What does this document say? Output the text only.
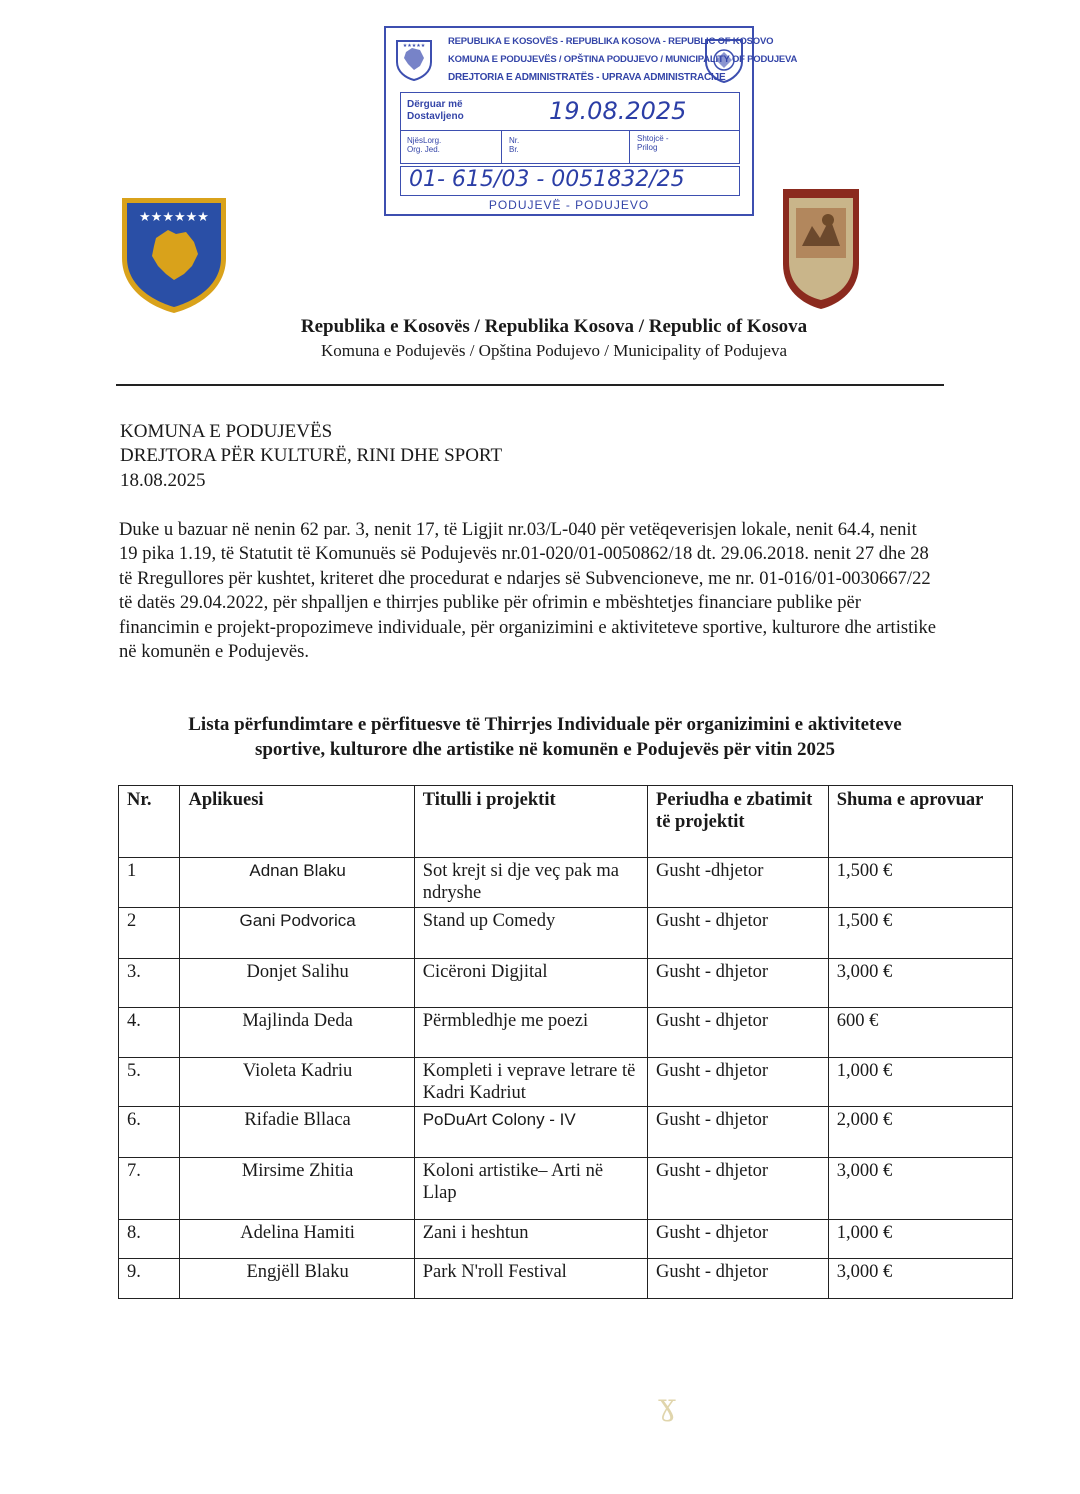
★★★★★ REPUBLIKA E KOSOVËS - REPUBLIKA KOSOVA - REPUBLIC OF KOSOVO
KOMUNA E PODUJEVËS / OPŠTINA PODUJEVO / MUNICIPALITY OF PODUJEVA
DREJTORIA E ADMINISTRATËS - UPRAVA ADMINISTRACIJE
Dërguar më
Dostavljeno	19.08.2025
NjësLorg.
Org. Jed.
Nr.
Br.
Shtojcë -
Prilog
01- 615/03 - 0051832/25
PODUJEVË - PODUJEVO
★★★★★★
Republika e Kosovës / Republika Kosova / Republic of Kosova
Komuna e Podujevës / Opština Podujevo / Municipality of Podujeva
KOMUNA E PODUJEVËS
DREJTORA PËR KULTURË, RINI DHE SPORT
18.08.2025
Duke u bazuar në nenin 62 par. 3, nenit 17, të Ligjit nr.03/L-040 për vetëqeverisjen lokale, nenit 64.4, nenit 19 pika 1.19, të Statutit të Komunuës së Podujevës nr.01-020/01-0050862/18 dt. 29.06.2018. nenit 27 dhe 28 të Rregullores për kushtet, kriteret dhe procedurat e ndarjes së Subvencioneve, me nr. 01-016/01-0030667/22 të datës 29.04.2022, për shpalljen e thirrjes publike për ofrimin e mbështetjes financiare publike për financimin e projekt-propozimeve individuale, për organizimini e aktiviteteve sportive, kulturore dhe artistike në komunën e Podujevës.
Lista përfundimtare e përfituesve të Thirrjes Individuale për organizimini e aktiviteteve
sportive, kulturore dhe artistike në komunën e Podujevës për vitin 2025
Nr.	Aplikuesi	Titulli i projektit	Periudha e zbatimit të projektit	Shuma e aprovuar
1	Adnan Blaku	Sot krejt si dje veç pak ma ndryshe	Gusht -dhjetor	1,500 €
2	Gani Podvorica	Stand up Comedy	Gusht - dhjetor	1,500 €
3.	Donjet Salihu	Cicëroni Digjital	Gusht - dhjetor	3,000 €
4.	Majlinda Deda	Përmbledhje me poezi	Gusht - dhjetor	600 €
5.	Violeta Kadriu	Kompleti i veprave letrare të Kadri Kadriut	Gusht - dhjetor	1,000 €
6.	Rifadie Bllaca	PoDuArt Colony - IV	Gusht - dhjetor	2,000 €
7.	Mirsime Zhitia	Koloni artistike– Arti në Llap	Gusht - dhjetor	3,000 €
8.	Adelina Hamiti	Zani i heshtun	Gusht - dhjetor	1,000 €
9.	Engjëll Blaku	Park N'roll Festival	Gusht - dhjetor	3,000 €
ɣ
